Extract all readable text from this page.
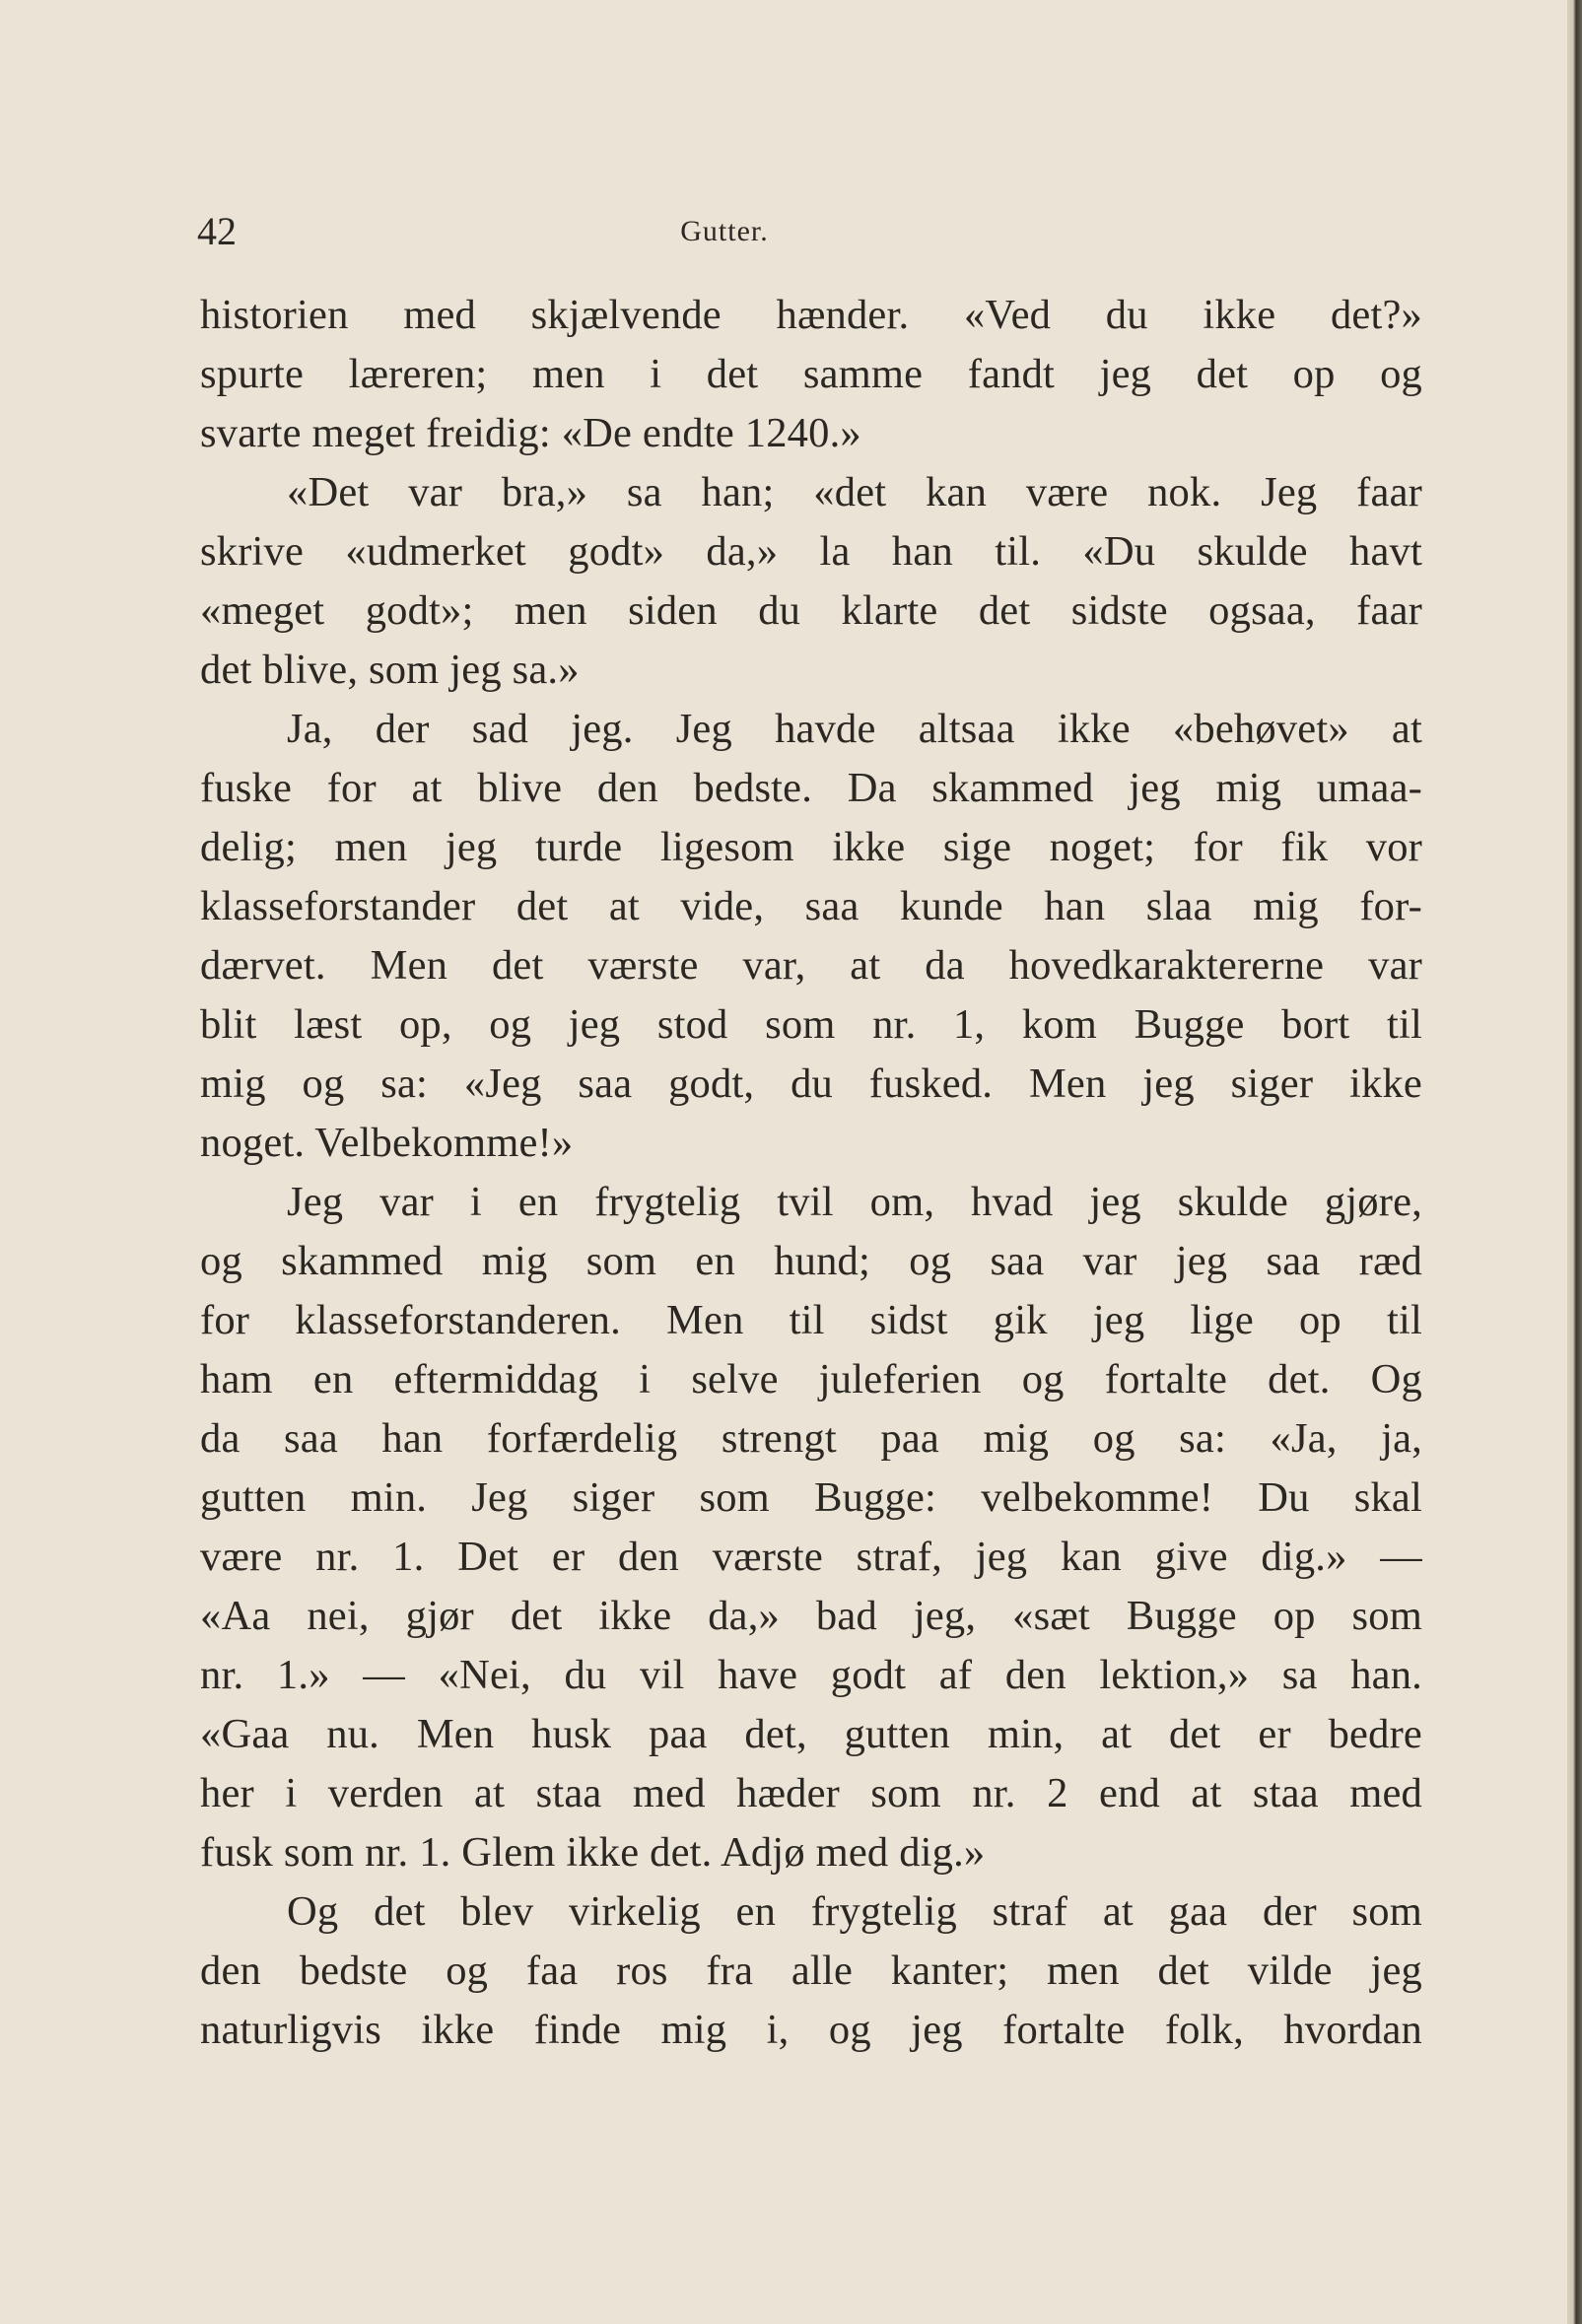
42	Gutter.
historien med skjælvende hænder. «Ved du ikke det?»
spurte læreren; men i det samme fandt jeg det op og
svarte meget freidig: «De endte 1240.»
«Det var bra,» sa han; «det kan være nok. Jeg faar
skrive «udmerket godt» da,» la han til. «Du skulde havt
«meget godt»; men siden du klarte det sidste ogsaa, faar
det blive, som jeg sa.»
Ja, der sad jeg. Jeg havde altsaa ikke «behøvet» at
fuske for at blive den bedste. Da skammed jeg mig umaa-
delig; men jeg turde ligesom ikke sige noget; for fik vor
klasseforstander det at vide, saa kunde han slaa mig for-
dærvet. Men det værste var, at da hovedkaraktererne var
blit læst op, og jeg stod som nr. 1, kom Bugge bort til
mig og sa: «Jeg saa godt, du fusked. Men jeg siger ikke
noget. Velbekomme!»
Jeg var i en frygtelig tvil om, hvad jeg skulde gjøre,
og skammed mig som en hund; og saa var jeg saa ræd
for klasseforstanderen. Men til sidst gik jeg lige op til
ham en eftermiddag i selve juleferien og fortalte det. Og
da saa han forfærdelig strengt paa mig og sa: «Ja, ja,
gutten min. Jeg siger som Bugge: velbekomme! Du skal
være nr. 1. Det er den værste straf, jeg kan give dig.» —
«Aa nei, gjør det ikke da,» bad jeg, «sæt Bugge op som
nr. 1.» — «Nei, du vil have godt af den lektion,» sa han.
«Gaa nu. Men husk paa det, gutten min, at det er bedre
her i verden at staa med hæder som nr. 2 end at staa med
fusk som nr. 1. Glem ikke det. Adjø med dig.»
Og det blev virkelig en frygtelig straf at gaa der som
den bedste og faa ros fra alle kanter; men det vilde jeg
naturligvis ikke finde mig i, og jeg fortalte folk, hvordan
